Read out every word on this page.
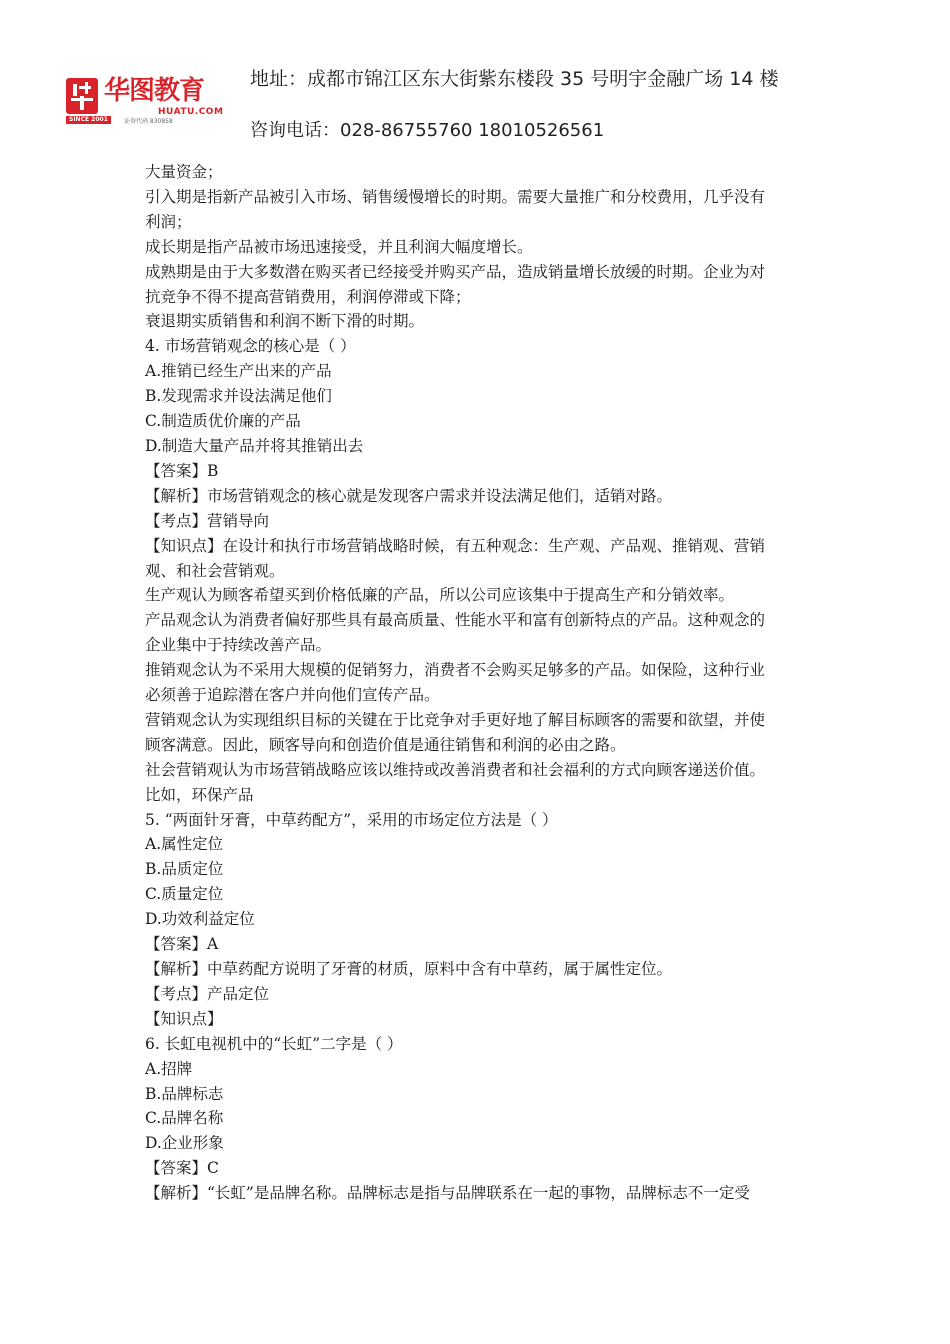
华图教育
HUATU.COM
SINCE 2001	证券代码 830858
地址：成都市锦江区东大街紫东楼段 35 号明宇金融广场 14 楼
咨询电话：028-86755760 18010526561
大量资金；
引入期是指新产品被引入市场、销售缓慢增长的时期。需要大量推广和分校费用，几乎没有
利润；
成长期是指产品被市场迅速接受，并且利润大幅度增长。
成熟期是由于大多数潜在购买者已经接受并购买产品，造成销量增长放缓的时期。企业为对
抗竞争不得不提高营销费用，利润停滞或下降；
衰退期实质销售和利润不断下滑的时期。
4. 市场营销观念的核心是（ ）
A.推销已经生产出来的产品
B.发现需求并设法满足他们
C.制造质优价廉的产品
D.制造大量产品并将其推销出去
【答案】B
【解析】市场营销观念的核心就是发现客户需求并设法满足他们，适销对路。
【考点】营销导向
【知识点】在设计和执行市场营销战略时候，有五种观念：生产观、产品观、推销观、营销
观、和社会营销观。
生产观认为顾客希望买到价格低廉的产品，所以公司应该集中于提高生产和分销效率。
产品观念认为消费者偏好那些具有最高质量、性能水平和富有创新特点的产品。这种观念的
企业集中于持续改善产品。
推销观念认为不采用大规模的促销努力，消费者不会购买足够多的产品。如保险，这种行业
必须善于追踪潜在客户并向他们宣传产品。
营销观念认为实现组织目标的关键在于比竞争对手更好地了解目标顾客的需要和欲望，并使
顾客满意。因此，顾客导向和创造价值是通往销售和利润的必由之路。
社会营销观认为市场营销战略应该以维持或改善消费者和社会福利的方式向顾客递送价值。
比如，环保产品
5. “两面针牙膏，中草药配方”，采用的市场定位方法是（ ）
A.属性定位
B.品质定位
C.质量定位
D.功效利益定位
【答案】A
【解析】中草药配方说明了牙膏的材质，原料中含有中草药，属于属性定位。
【考点】产品定位
【知识点】
6. 长虹电视机中的“长虹”二字是（ ）
A.招牌
B.品牌标志
C.品牌名称
D.企业形象
【答案】C
【解析】“长虹”是品牌名称。品牌标志是指与品牌联系在一起的事物，品牌标志不一定受
